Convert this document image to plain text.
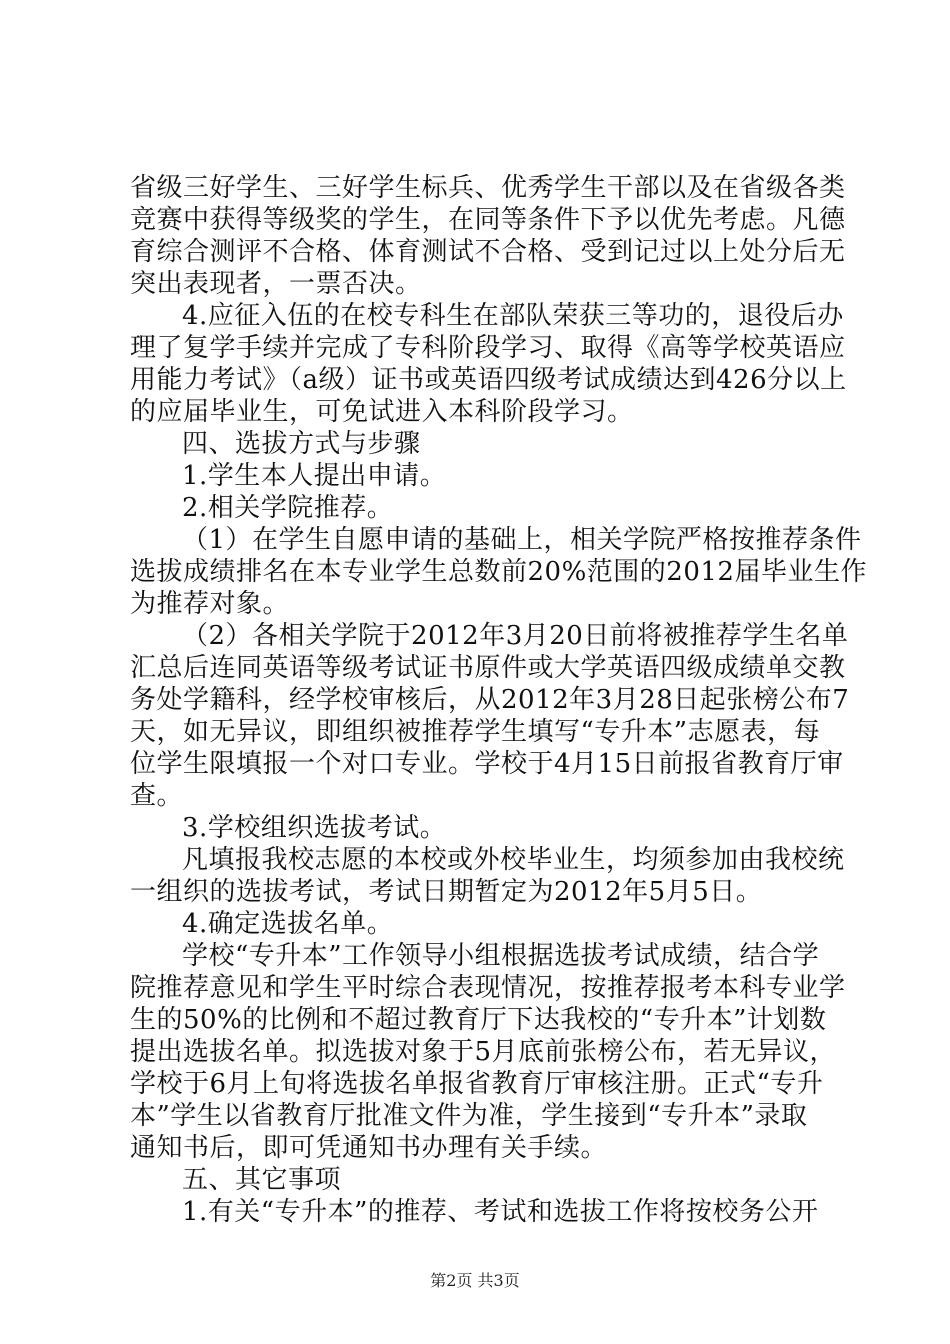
省级三好学生、三好学生标兵、优秀学生干部以及在省级各类
竞赛中获得等级奖的学生，在同等条件下予以优先考虑。凡德
育综合测评不合格、体育测试不合格、受到记过以上处分后无
突出表现者，一票否决。

4.应征入伍的在校专科生在部队荣获三等功的，退役后办
理了复学手续并完成了专科阶段学习、取得《高等学校英语应
用能力考试》（a级）证书或英语四级考试成绩达到426分以上
的应届毕业生，可免试进入本科阶段学习。

四、选拔方式与步骤

1.学生本人提出申请。

2.相关学院推荐。

（1）在学生自愿申请的基础上，相关学院严格按推荐条件
选拔成绩排名在本专业学生总数前20%范围的2012届毕业生作
为推荐对象。

（2）各相关学院于2012年3月20日前将被推荐学生名单
汇总后连同英语等级考试证书原件或大学英语四级成绩单交教
务处学籍科，经学校审核后，从2012年3月28日起张榜公布7
天，如无异议，即组织被推荐学生填写“专升本”志愿表，每
位学生限填报一个对口专业。学校于4月15日前报省教育厅审
查。

3.学校组织选拔考试。

凡填报我校志愿的本校或外校毕业生，均须参加由我校统
一组织的选拔考试，考试日期暂定为2012年5月5日。

4.确定选拔名单。

学校“专升本”工作领导小组根据选拔考试成绩，结合学
院推荐意见和学生平时综合表现情况，按推荐报考本科专业学
生的50%的比例和不超过教育厅下达我校的“专升本”计划数
提出选拔名单。拟选拔对象于5月底前张榜公布，若无异议，
学校于6月上旬将选拔名单报省教育厅审核注册。正式“专升
本”学生以省教育厅批准文件为准，学生接到“专升本”录取
通知书后，即可凭通知书办理有关手续。

五、其它事项

1.有关“专升本”的推荐、考试和选拔工作将按校务公开

第2页 共3页
